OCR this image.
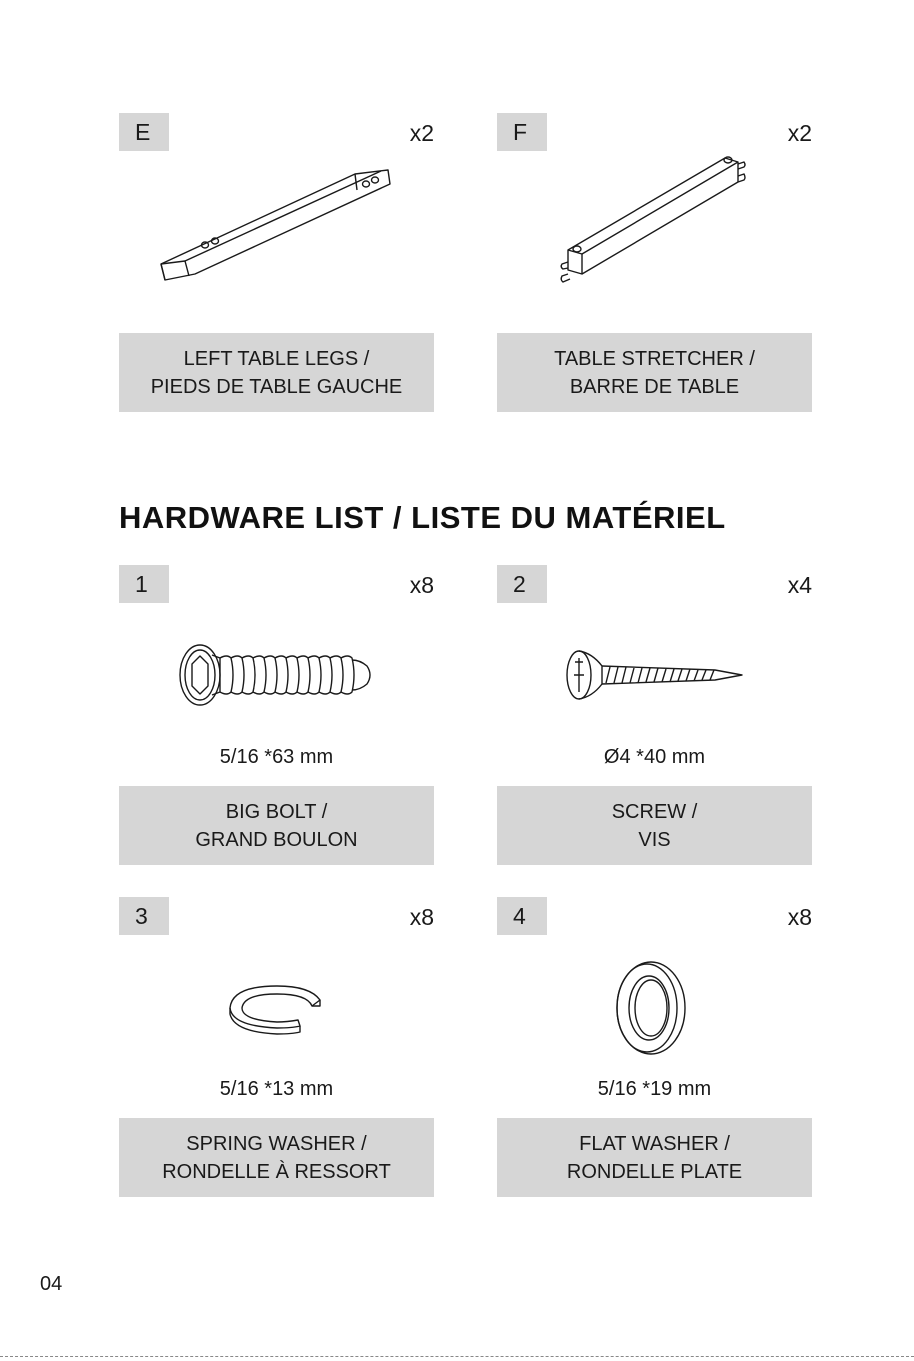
E	x2
LEFT TABLE LEGS /
PIEDS DE TABLE GAUCHE
F	x2
TABLE STRETCHER /
BARRE DE TABLE
HARDWARE LIST / LISTE DU MATÉRIEL
1	x8
5/16 *63 mm
BIG BOLT /
GRAND BOULON
2	x4
Ø4 *40 mm
SCREW /
VIS
3	x8
5/16 *13 mm
SPRING WASHER /
RONDELLE À RESSORT
4	x8
5/16 *19 mm
FLAT WASHER /
RONDELLE PLATE
04
